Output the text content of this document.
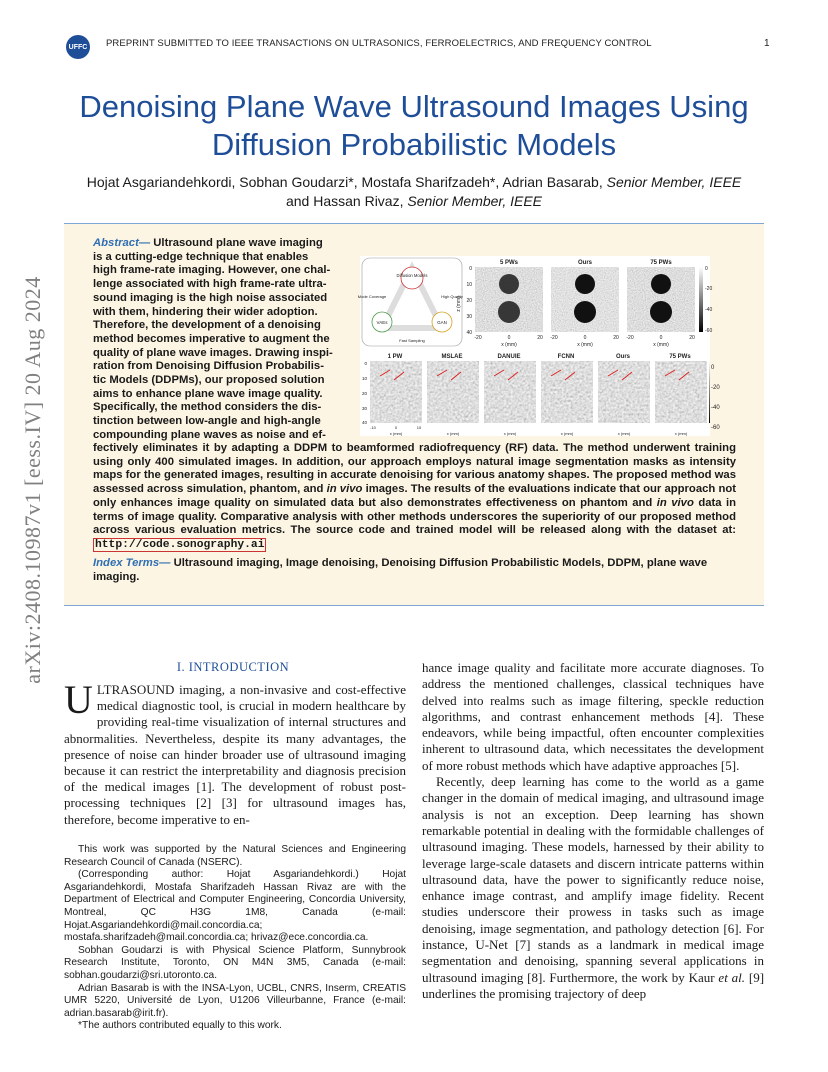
UFFC PREPRINT SUBMITTED TO IEEE TRANSACTIONS ON ULTRASONICS, FERROELECTRICS, AND FREQUENCY CONTROL	1
arXiv:2408.10987v1 [eess.IV] 20 Aug 2024
Denoising Plane Wave Ultrasound Images Using Diffusion Probabilistic Models
Hojat Asgariandehkordi, Sobhan Goudarzi*, Mostafa Sharifzadeh*, Adrian Basarab, Senior Member, IEEE
and Hassan Rivaz, Senior Member, IEEE
Abstract— Ultrasound plane wave imaging
is a cutting-edge technique that enables
high frame-rate imaging. However, one chal-
lenge associated with high frame-rate ultra-
sound imaging is the high noise associated
with them, hindering their wider adoption.
Therefore, the development of a denoising
method becomes imperative to augment the
quality of plane wave images. Drawing inspi-
ration from Denoising Diffusion Probabilis-
tic Models (DDPMs), our proposed solution
aims to enhance plane wave image quality.
Specifically, the method considers the dis-
tinction between low-angle and high-angle
compounding plane waves as noise and ef-
fectively eliminates it by adapting a DDPM to beamformed radiofrequency (RF) data. The method underwent training using only 400 simulated images. In addition, our approach employs natural image segmentation masks as intensity maps for the generated images, resulting in accurate denoising for various anatomy shapes. The proposed method was assessed across simulation, phantom, and in vivo images. The results of the evaluations indicate that our approach not only enhances image quality on simulated data but also demonstrates effectiveness on phantom and in vivo data in terms of image quality. Comparative analysis with other methods underscores the superiority of our proposed method across various evaluation metrics. The source code and trained model will be released along with the dataset at: http://code.sonography.ai
Diffusion Models
Mode Coverage	High Quality
VAEs	GAN
Fast Sampling
5 PWs	Ours	75 PWs
z (mm)
0
10
20
30
40
-20	0	20 -20	0	20 -20	0	20
x (mm)	x (mm)	x (mm)
0
-20
-40
-60
1 PW	MSLAE	DANUIE	FCNN	Ours	75 PWs
0
10
20
30
40
-10	0	10
x (mm)	x (mm)	x (mm)	x (mm)	x (mm)	x (mm)
0
-20
-40
-60
Index Terms— Ultrasound imaging, Image denoising, Denoising Diffusion Probabilistic Models, DDPM, plane wave imaging.
I. INTRODUCTION
ULTRASOUND imaging, a non-invasive and cost-effective medical diagnostic tool, is crucial in modern healthcare by providing real-time visualization of internal structures and abnormalities. Nevertheless, despite its many advantages, the presence of noise can hinder broader use of ultrasound imaging because it can restrict the interpretability and diagnosis precision of the medical images [1]. The development of robust post-processing techniques [2] [3] for ultrasound images has, therefore, become imperative to en-

This work was supported by the Natural Sciences and Engineering Research Council of Canada (NSERC).

(Corresponding author: Hojat Asgariandehkordi.) Hojat Asgariandehkordi, Mostafa Sharifzadeh Hassan Rivaz are with the Department of Electrical and Computer Engineering, Concordia University, Montreal, QC H3G 1M8, Canada (e-mail: Hojat.Asgariandehkordi@mail.concordia.ca; mostafa.sharifzadeh@mail.concordia.ca; hrivaz@ece.concordia.ca.

Sobhan Goudarzi is with Physical Science Platform, Sunnybrook Research Institute, Toronto, ON M4N 3M5, Canada (e-mail: sobhan.goudarzi@sri.utoronto.ca.

Adrian Basarab is with the INSA-Lyon, UCBL, CNRS, Inserm, CREATIS UMR 5220, Université de Lyon, U1206 Villeurbanne, France (e-mail: adrian.basarab@irit.fr).

*The authors contributed equally to this work.

hance image quality and facilitate more accurate diagnoses. To address the mentioned challenges, classical techniques have delved into realms such as image filtering, speckle reduction algorithms, and contrast enhancement methods [4]. These endeavors, while being impactful, often encounter complexities inherent to ultrasound data, which necessitates the development of more robust methods which have adaptive approaches [5].

Recently, deep learning has come to the world as a game changer in the domain of medical imaging, and ultrasound image analysis is not an exception. Deep learning has shown remarkable potential in dealing with the formidable challenges of ultrasound imaging. These models, harnessed by their ability to leverage large-scale datasets and discern intricate patterns within ultrasound data, have the power to significantly reduce noise, enhance image contrast, and amplify image fidelity. Recent studies underscore their prowess in tasks such as image denoising, image segmentation, and pathology detection [6]. For instance, U-Net [7] stands as a landmark in medical image segmentation and denoising, spanning several applications in ultrasound imaging [8]. Furthermore, the work by Kaur et al. [9] underlines the promising trajectory of deep
